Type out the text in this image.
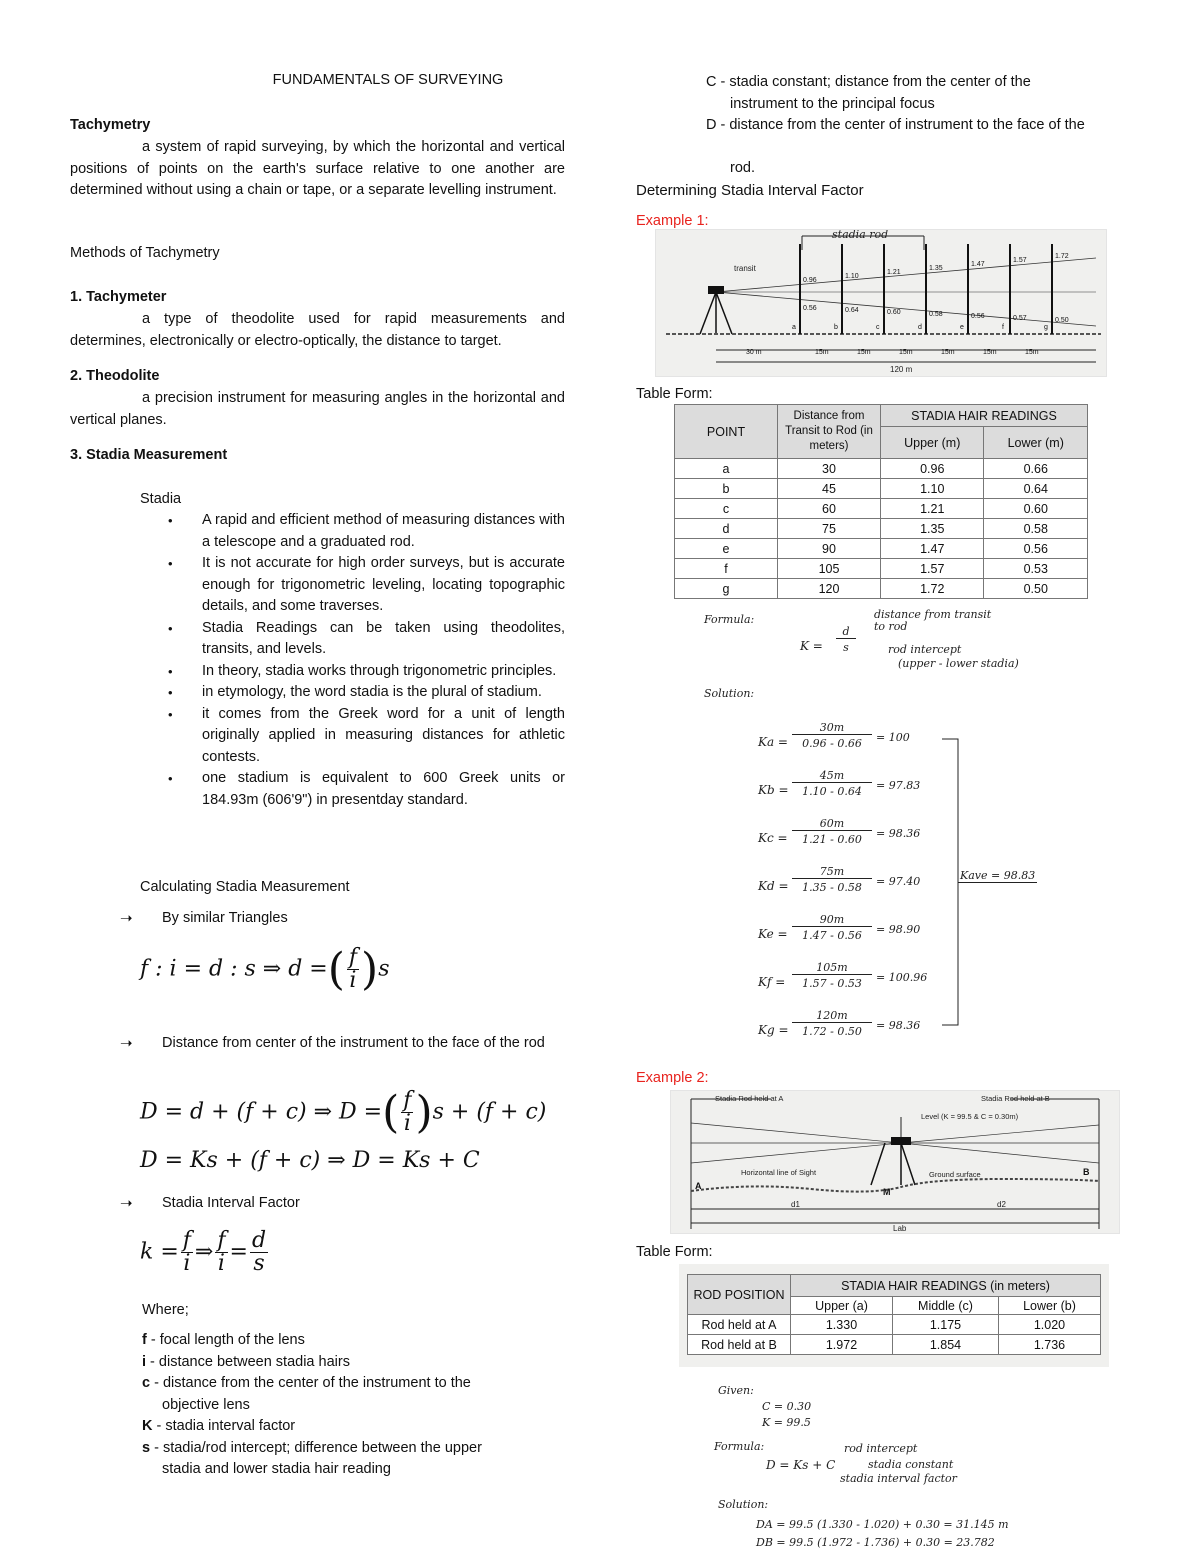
FUNDAMENTALS OF SURVEYING
Tachymetry
a system of rapid surveying, by which the horizontal and vertical positions of points on the earth's surface relative to one another are determined without using a chain or tape, or a separate levelling instrument.
Methods of Tachymetry
1. Tachymeter
a type of theodolite used for rapid measurements and determines, electronically or electro-optically, the distance to target.
2. Theodolite
a precision instrument for measuring angles in the horizontal and vertical planes.
3. Stadia Measurement
Stadia
• A rapid and efficient method of measuring distances with a telescope and a graduated rod.
• It is not accurate for high order surveys, but is accurate enough for trigonometric leveling, locating topographic details, and some traverses.
• Stadia Readings can be taken using theodolites, transits, and levels.
• In theory, stadia works through trigonometric principles.
• in etymology, the word stadia is the plural of stadium.
• it comes from the Greek word for a unit of length originally applied in measuring distances for athletic contests.
• one stadium is equivalent to 600 Greek units or 184.93m (606'9") in presentday standard.
Calculating Stadia Measurement
➝	By similar Triangles
f : i = d : s ⇒ d =( $\frac{f}{i} )s$
➝	Distance from center of the instrument to the face of the rod
D = d + (f + c) ⇒ D =( $\frac{f}{i} )s + (f + c)$
D = Ks + (f + c) ⇒ D = Ks + C
➝	Stadia Interval Factor
$k = \frac{f}{i}$ ⇒ $\frac{f}{i} = \frac{d}{s}$
Where;
f - focal length of the lens
i - distance between stadia hairs
c - distance from the center of the instrument to the
objective lens
K - stadia interval factor
s - stadia/rod intercept; difference between the upper
stadia and lower stadia hair reading
C - stadia constant; distance from the center of the
instrument to the principal focus
D - distance from the center of instrument to the face of the
rod.
Determining Stadia Interval Factor
Example 1:
stadia rod
transit
0.96
0.56
a
1.10
0.64
b
1.21
0.60
c
1.35
0.58
d
1.47
0.56
e
1.57
0.57
f
1.72
0.50
g
30 m	15m	15m	15m	15m	15m	15m
120 m
Table Form:
POINT	Distance from Transit to Rod (in meters)	STADIA HAIR READINGS	
		Upper (m)	Lower (m)
a	30	0.96	0.66
b	45	1.10	0.64
c	60	1.21	0.60
d	75	1.35	0.58
e	90	1.47	0.56
f	105	1.57	0.53
g	120	1.72	0.50
Formula:
K =
d
s
distance from transit to rod
rod intercept
(upper - lower stadia)
Solution:
Ka =
30m
0.96 - 0.66	= 100
Kb =
45m
1.10 - 0.64	= 97.83
Kc =
60m
1.21 - 0.60	= 98.36
Kd =
75m
1.35 - 0.58	= 97.40
Ke =
90m
1.47 - 0.56	= 98.90
Kf =
105m
1.57 - 0.53	= 100.96
Kg =
120m
1.72 - 0.50	= 98.36
Kave = 98.83
Example 2:
Stadia Rod held at A	Stadia Rod held at B
Level (K = 99.5 & C = 0.30m)
Horizontal line of Sight	Ground surface
A
B
M
d1	d2
Lab
Table Form:
ROD POSITION	STADIA HAIR READINGS (in meters)		
	Upper (a)	Middle (c)	Lower (b)
Rod held at A	1.330	1.175	1.020
Rod held at B	1.972	1.854	1.736
Given:
C = 0.30
K = 99.5
Formula:
D = Ks + C
rod intercept
stadia constant
stadia interval factor
Solution:
DA = 99.5 (1.330 - 1.020) + 0.30 = 31.145 m
DB = 99.5 (1.972 - 1.736) + 0.30 = 23.782
